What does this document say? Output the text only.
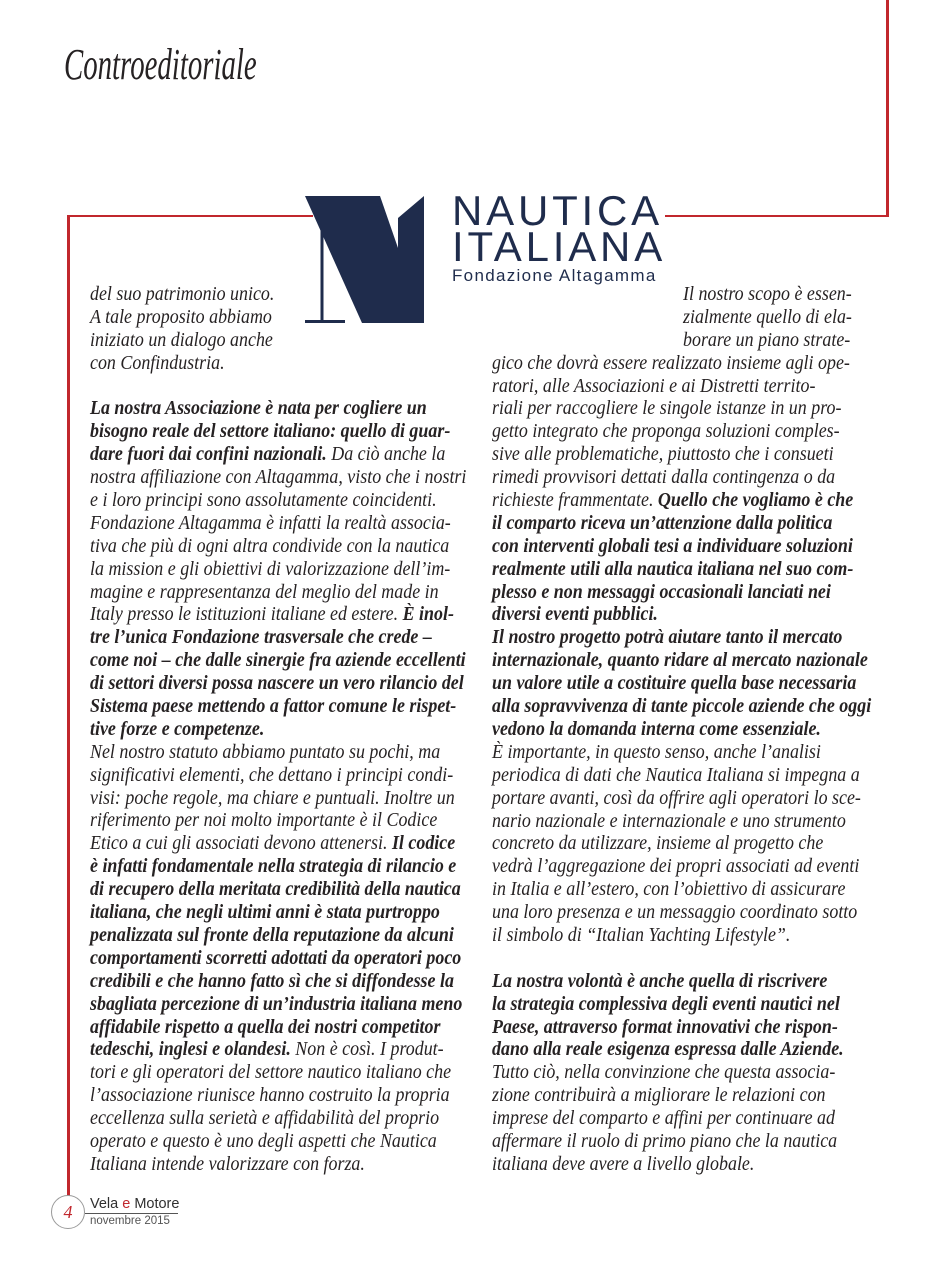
Controeditoriale
NAUTICA
ITALIANA
Fondazione Altagamma
del suo patrimonio unico.
A tale proposito abbiamo
iniziato un dialogo anche
con Confindustria.
La nostra Associazione è nata per cogliere un
bisogno reale del settore italiano: quello di guar-
dare fuori dai confini nazionali. Da ciò anche la
nostra affiliazione con Altagamma, visto che i nostri
e i loro principi sono assolutamente coincidenti.
Fondazione Altagamma è infatti la realtà associa-
tiva che più di ogni altra condivide con la nautica
la mission e gli obiettivi di valorizzazione dell’im-
magine e rappresentanza del meglio del made in
Italy presso le istituzioni italiane ed estere. È inol-
tre l’unica Fondazione trasversale che crede –
come noi – che dalle sinergie fra aziende eccellenti
di settori diversi possa nascere un vero rilancio del
Sistema paese mettendo a fattor comune le rispet-
tive forze e competenze.
Nel nostro statuto abbiamo puntato su pochi, ma
significativi elementi, che dettano i principi condi-
visi: poche regole, ma chiare e puntuali. Inoltre un
riferimento per noi molto importante è il Codice
Etico a cui gli associati devono attenersi. Il codice
è infatti fondamentale nella strategia di rilancio e
di recupero della meritata credibilità della nautica
italiana, che negli ultimi anni è stata purtroppo
penalizzata sul fronte della reputazione da alcuni
comportamenti scorretti adottati da operatori poco
credibili e che hanno fatto sì che si diffondesse la
sbagliata percezione di un’industria italiana meno
affidabile rispetto a quella dei nostri competitor
tedeschi, inglesi e olandesi. Non è così. I produt-
tori e gli operatori del settore nautico italiano che
l’associazione riunisce hanno costruito la propria
eccellenza sulla serietà e affidabilità del proprio
operato e questo è uno degli aspetti che Nautica
Italiana intende valorizzare con forza.
Il nostro scopo è essen-
zialmente quello di ela-
borare un piano strate-
gico che dovrà essere realizzato insieme agli ope-
ratori, alle Associazioni e ai Distretti territo-
riali per raccogliere le singole istanze in un pro-
getto integrato che proponga soluzioni comples-
sive alle problematiche, piuttosto che i consueti
rimedi provvisori dettati dalla contingenza o da
richieste frammentate. Quello che vogliamo è che
il comparto riceva un’attenzione dalla politica
con interventi globali tesi a individuare soluzioni
realmente utili alla nautica italiana nel suo com-
plesso e non messaggi occasionali lanciati nei
diversi eventi pubblici.
Il nostro progetto potrà aiutare tanto il mercato
internazionale, quanto ridare al mercato nazionale
un valore utile a costituire quella base necessaria
alla sopravvivenza di tante piccole aziende che oggi
vedono la domanda interna come essenziale.
È importante, in questo senso, anche l’analisi
periodica di dati che Nautica Italiana si impegna a
portare avanti, così da offrire agli operatori lo sce-
nario nazionale e internazionale e uno strumento
concreto da utilizzare, insieme al progetto che
vedrà l’aggregazione dei propri associati ad eventi
in Italia e all’estero, con l’obiettivo di assicurare
una loro presenza e un messaggio coordinato sotto
il simbolo di “Italian Yachting Lifestyle”.
La nostra volontà è anche quella di riscrivere
la strategia complessiva degli eventi nautici nel
Paese, attraverso format innovativi che rispon-
dano alla reale esigenza espressa dalle Aziende.
Tutto ciò, nella convinzione che questa associa-
zione contribuirà a migliorare le relazioni con
imprese del comparto e affini per continuare ad
affermare il ruolo di primo piano che la nautica
italiana deve avere a livello globale.
4	Vela e Motore
novembre 2015
